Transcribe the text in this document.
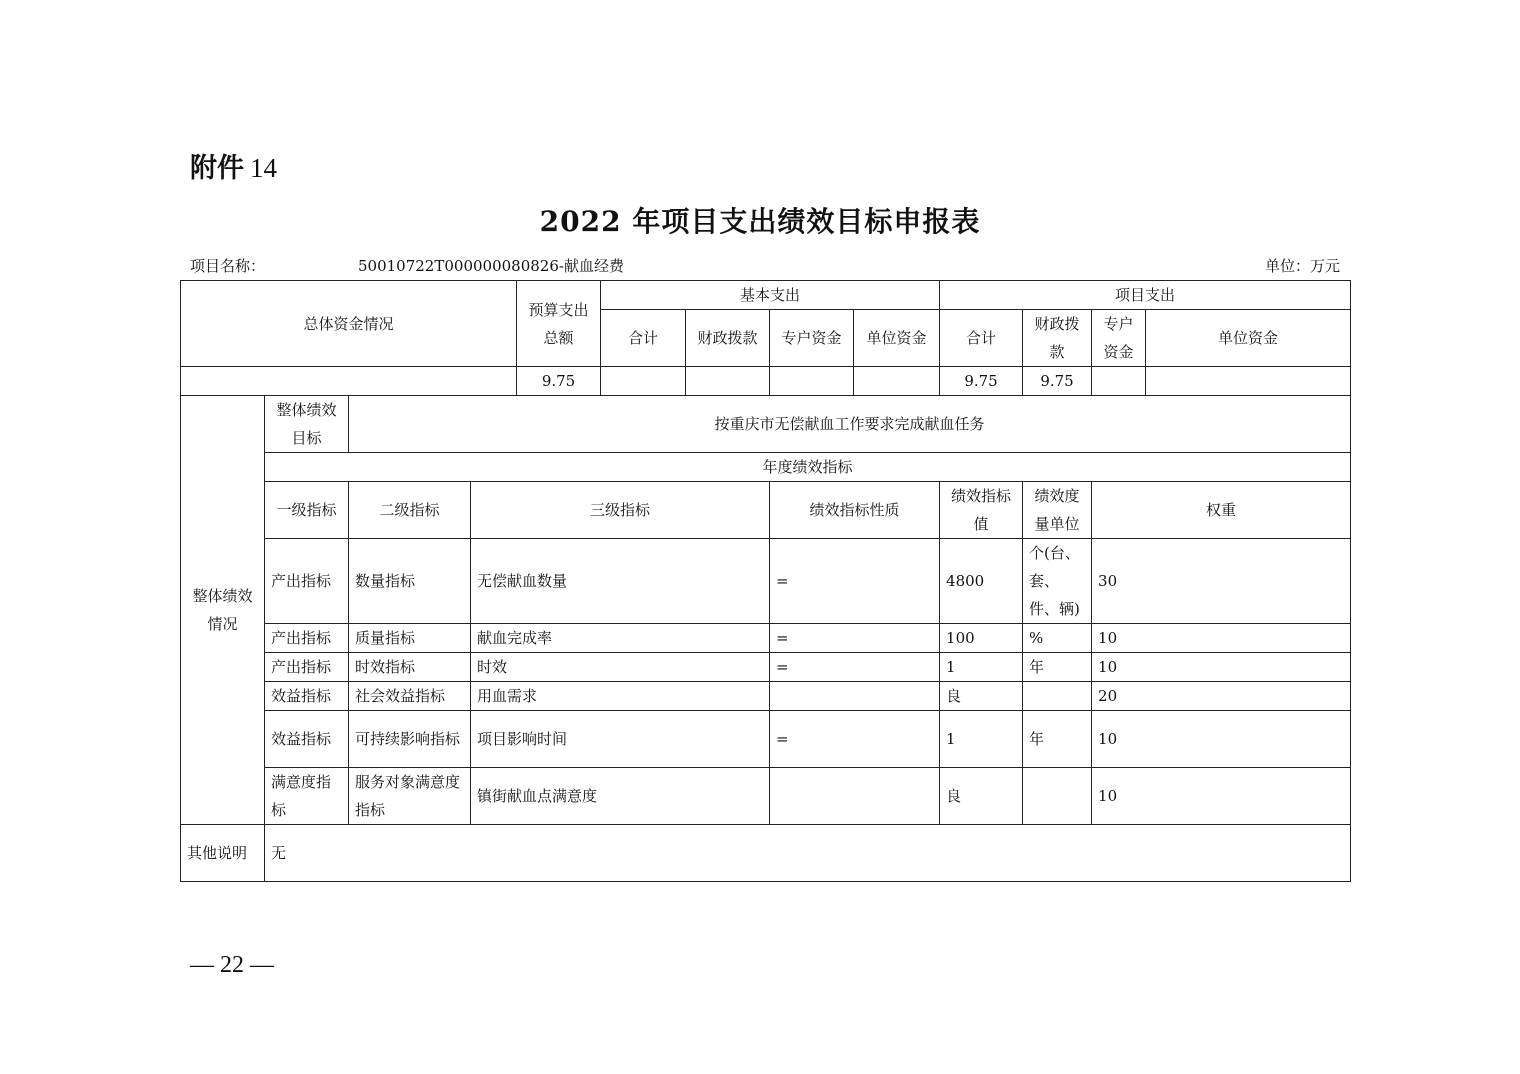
附件 14
2022 年项目支出绩效目标申报表
项目名称：	50010722T000000080826-献血经费	单位：万元
总体资金情况				预算支出总额	基本支出				项目支出			
					合计	财政拨款	专户资金	单位资金	合计	财政拨款	专户资金	单位资金
				9.75					9.75	9.75		
整体绩效情况	整体绩效目标	按重庆市无偿献血工作要求完成献血任务										
	年度绩效指标											
	一级指标	二级指标	三级指标				绩效指标性质		绩效指标值	绩效度量单位	权重	
	产出指标	数量指标	无偿献血数量				=		4800	个(台、套、件、辆)	30	
	产出指标	质量指标	献血完成率				=		100	%	10	
	产出指标	时效指标	时效				=		1	年	10	
	效益指标	社会效益指标	用血需求						良		20	
	效益指标	可持续影响指标	项目影响时间				=		1	年	10	
	满意度指标	服务对象满意度指标	镇街献血点满意度						良		10	
其他说明	无											
— 22 —
